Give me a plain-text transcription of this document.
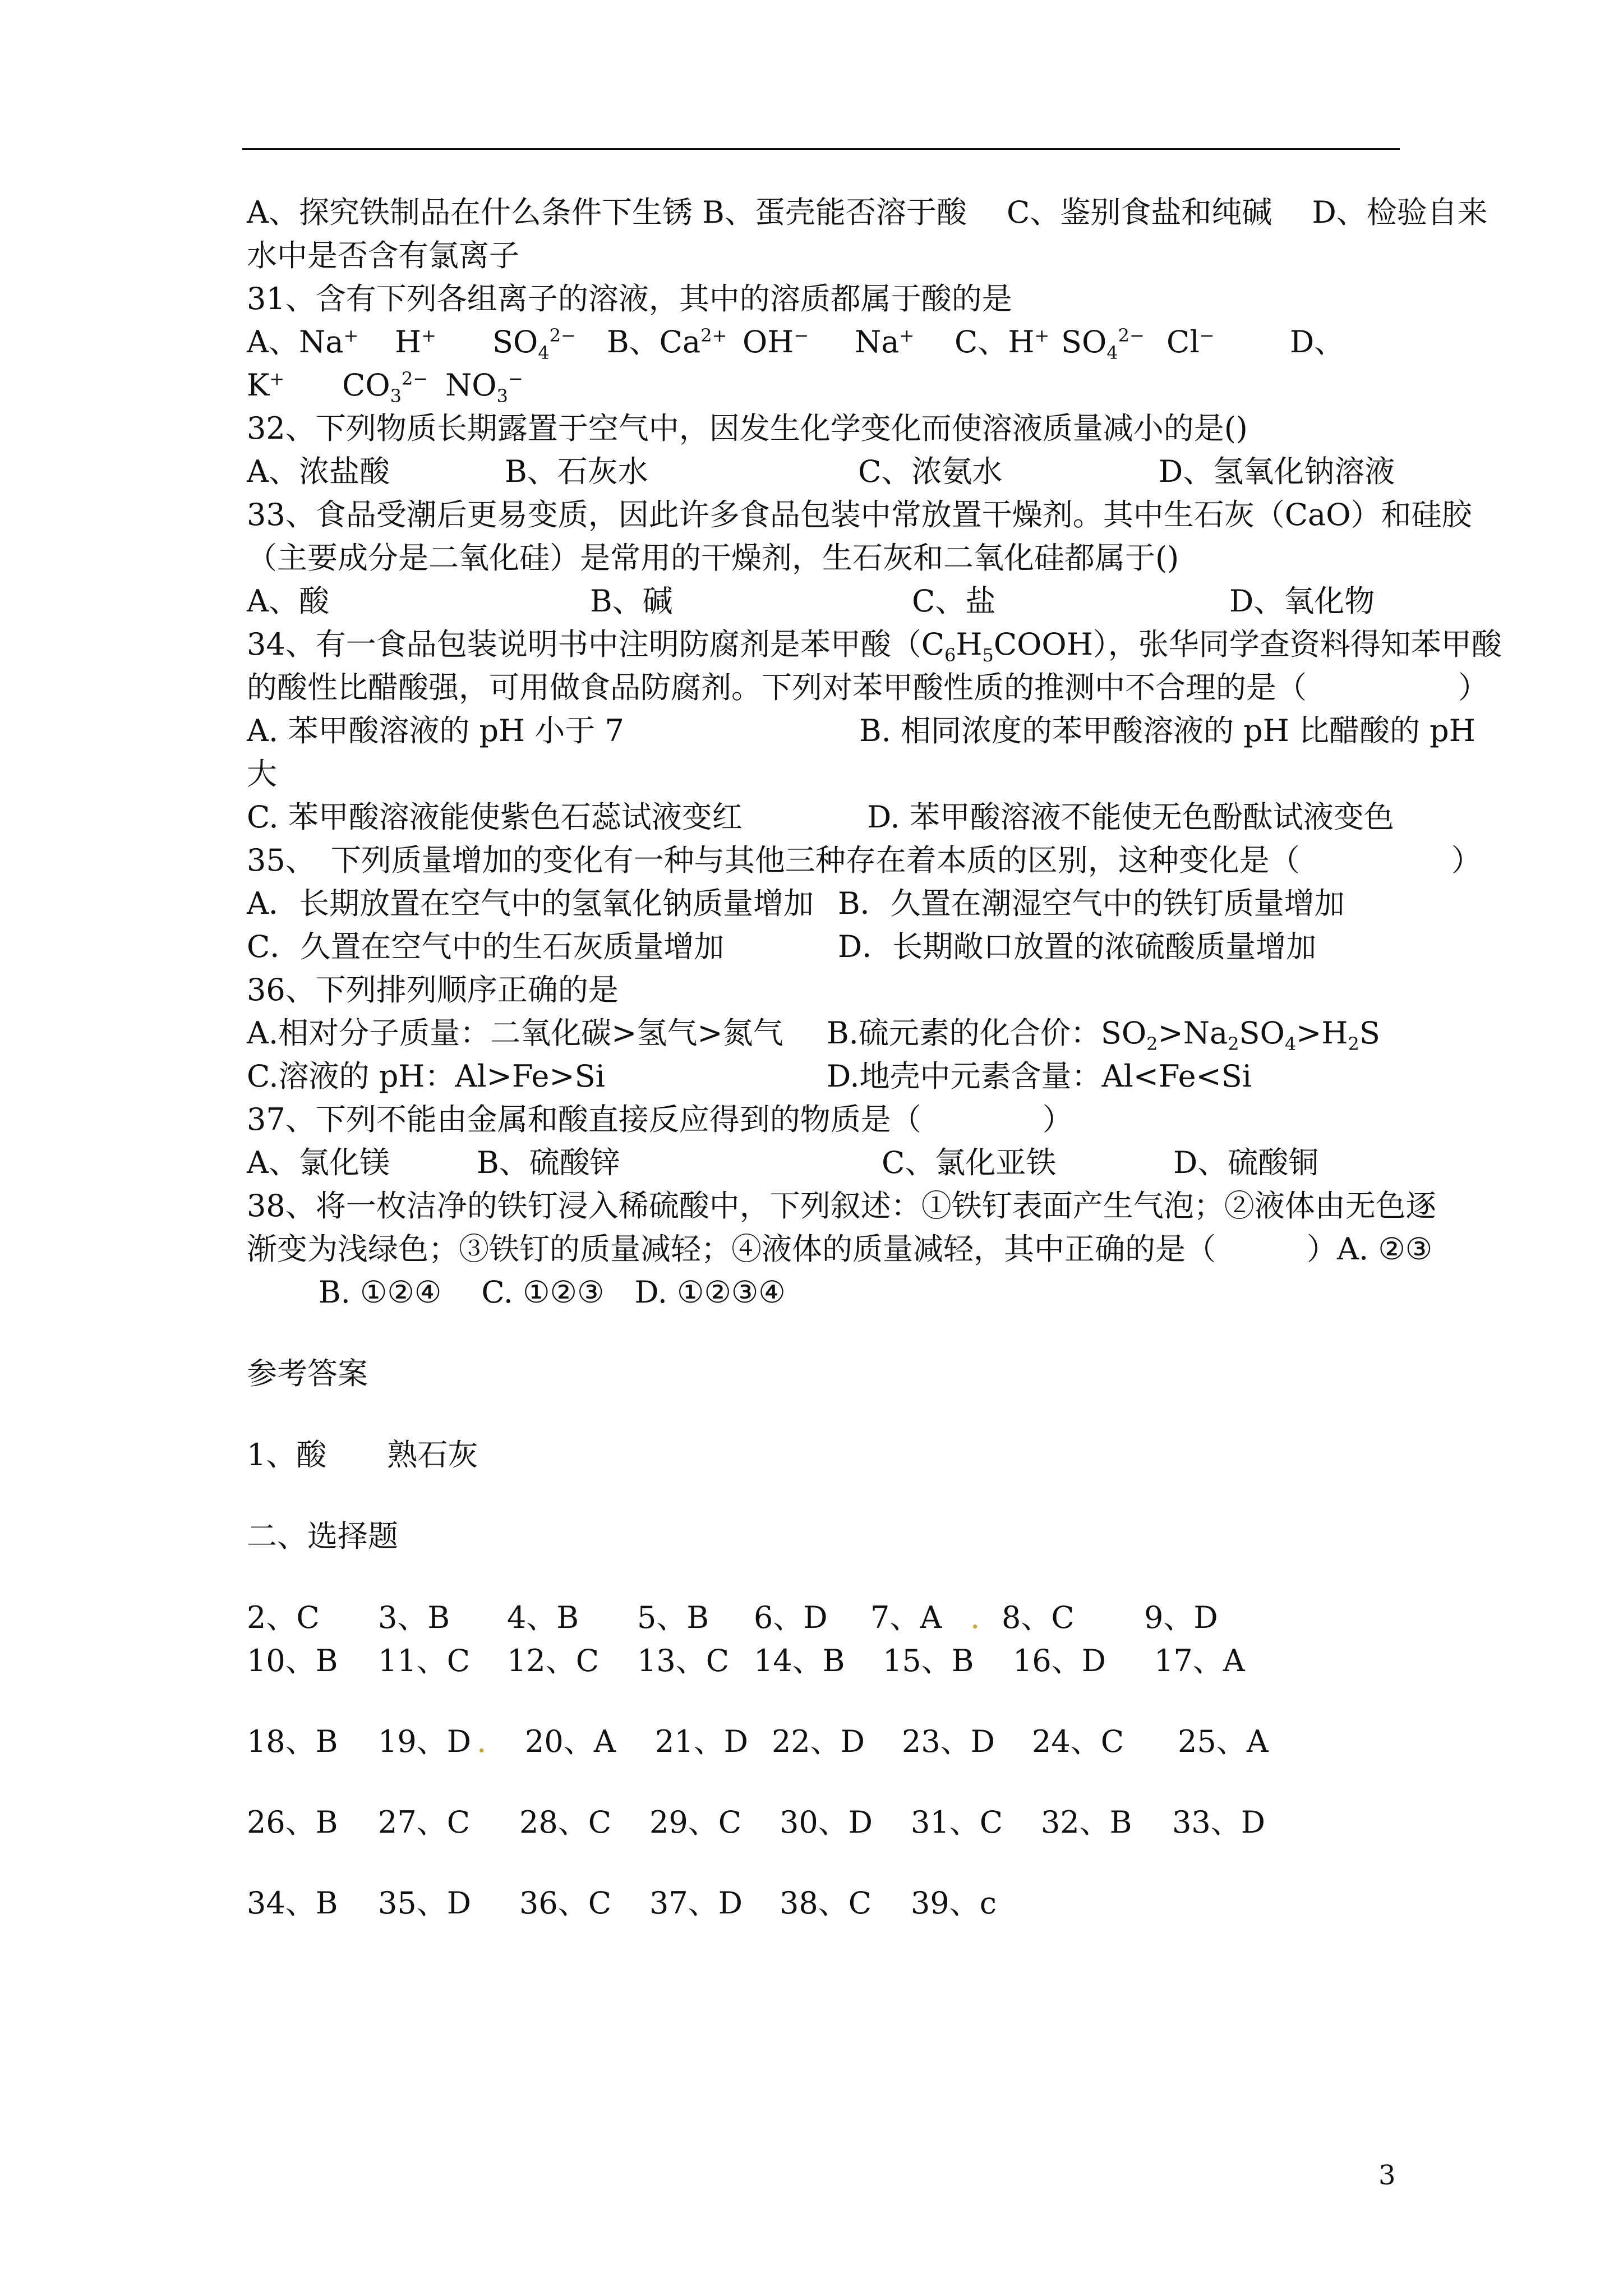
A、探究铁制品在什么条件下生锈 B、蛋壳能否溶于酸　 C、鉴别食盐和纯碱　 D、检验自来
水中是否含有氯离子
31、含有下列各组离子的溶液，其中的溶质都属于酸的是
A、Na+ H+ $SO_4^{2-}$ B、$Ca^{2+}$ OH− Na+ C、H+ $SO_4^{2-}$ Cl− D、
K+ $CO_3^{2-}$ $NO_3^-$
32、下列物质长期露置于空气中，因发生化学变化而使溶液质量减小的是()
A、浓盐酸	B、石灰水	C、浓氨水	D、氢氧化钠溶液
33、食品受潮后更易变质，因此许多食品包装中常放置干燥剂。其中生石灰（CaO）和硅胶
（主要成分是二氧化硅）是常用的干燥剂，生石灰和二氧化硅都属于()
A、酸	B、碱	C、盐	D、氧化物
34、有一食品包装说明书中注明防腐剂是苯甲酸$(C_6H_5COOH)$，张华同学查资料得知苯甲酸
的酸性比醋酸强，可用做食品防腐剂。下列对苯甲酸性质的推测中不合理的是（　　　　　）
A. 苯甲酸溶液的 pH 小于 7	B. 相同浓度的苯甲酸溶液的 pH 比醋酸的 pH
大
C. 苯甲酸溶液能使紫色石蕊试液变红	D. 苯甲酸溶液不能使无色酚酞试液变色
35、　下列质量增加的变化有一种与其他三种存在着本质的区别，这种变化是（　　　　　）
A．长期放置在空气中的氢氧化钠质量增加 B．久置在潮湿空气中的铁钉质量增加
C．久置在空气中的生石灰质量增加	D．长期敞口放置的浓硫酸质量增加
36、下列排列顺序正确的是
A.相对分子质量：二氧化碳>氢气>氮气 B.硫元素的化合价：$SO_2>Na_2SO_4>H_2S$
C.溶液的 pH：Al>Fe>Si	D.地壳中元素含量：Al<Fe<Si
37、下列不能由金属和酸直接反应得到的物质是（　　　　）
A、氯化镁	B、硫酸锌	C、氯化亚铁	D、硫酸铜
38、将一枚洁净的铁钉浸入稀硫酸中，下列叙述：①铁钉表面产生气泡；②液体由无色逐
渐变为浅绿色；③铁钉的质量减轻；④液体的质量减轻，其中正确的是（　　　）A. ②③
B. ①②④　 C. ①②③　D. ①②③④
参考答案
1、酸　　熟石灰
二、选择题
2、C 3、B 4、B 5、B 6、D 7、A . 8、C 9、D
10、B 11、C 12、C 13、C 14、B 15、B 16、D 17、A
18、B 19、D . 20、A 21、D 22、D 23、D 24、C 25、A
26、B 27、C 28、C 29、C 30、D 31、C 32、B 33、D
34、B 35、D 36、C 37、D 38、C 39、c
3
